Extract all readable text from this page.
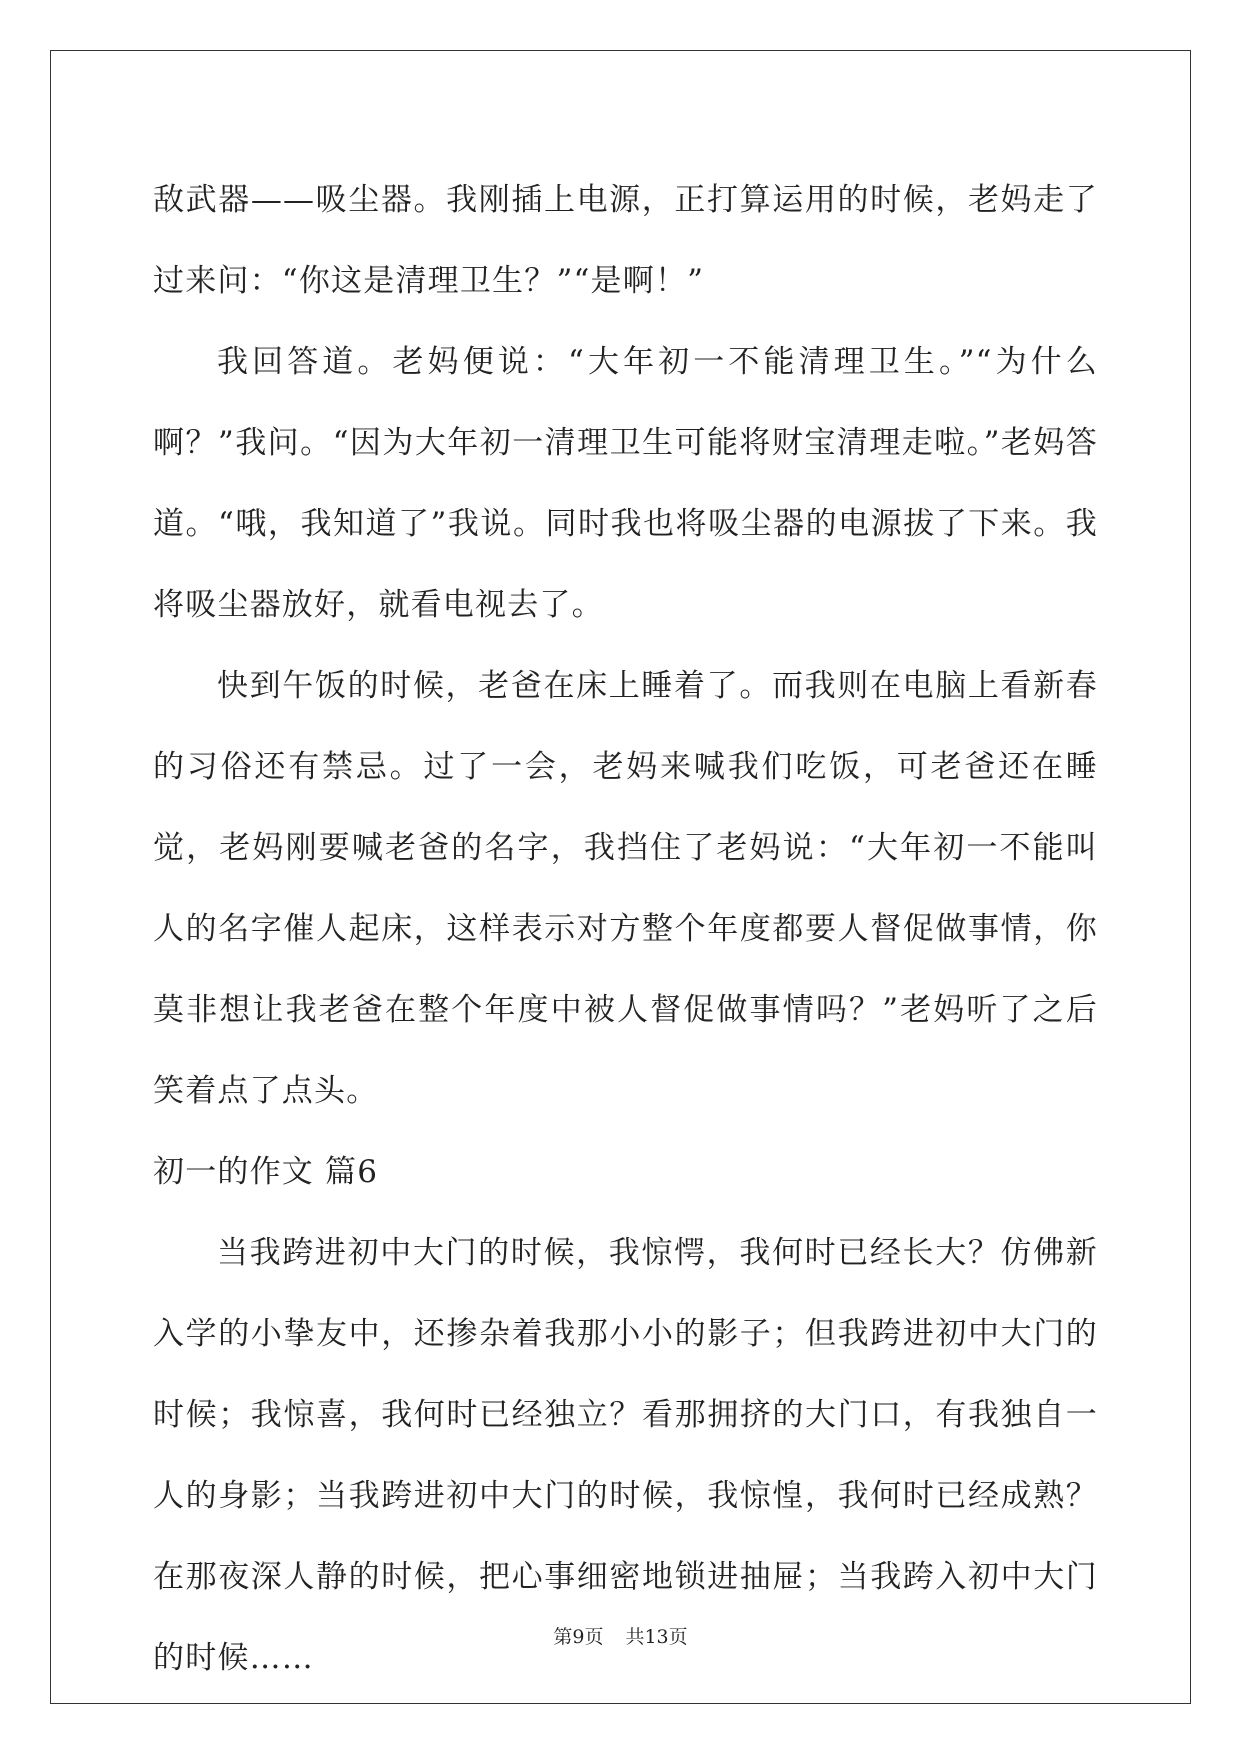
敌武器——吸尘器。我刚插上电源，正打算运用的时候，老妈走了过来问：“你这是清理卫生？”“是啊！”

我回答道。老妈便说：“大年初一不能清理卫生。”“为什么啊？”我问。“因为大年初一清理卫生可能将财宝清理走啦。”老妈答道。“哦，我知道了”我说。同时我也将吸尘器的电源拔了下来。我将吸尘器放好，就看电视去了。

快到午饭的时候，老爸在床上睡着了。而我则在电脑上看新春的习俗还有禁忌。过了一会，老妈来喊我们吃饭，可老爸还在睡觉，老妈刚要喊老爸的名字，我挡住了老妈说：“大年初一不能叫人的名字催人起床，这样表示对方整个年度都要人督促做事情，你莫非想让我老爸在整个年度中被人督促做事情吗？”老妈听了之后笑着点了点头。

初一的作文 篇6

当我跨进初中大门的时候，我惊愕，我何时已经长大？仿佛新入学的小挚友中，还掺杂着我那小小的影子；但我跨进初中大门的时候；我惊喜，我何时已经独立？看那拥挤的大门口，有我独自一人的身影；当我跨进初中大门的时候，我惊惶，我何时已经成熟？在那夜深人静的时候，把心事细密地锁进抽屉；当我跨入初中大门的时候……

第9页 共13页
